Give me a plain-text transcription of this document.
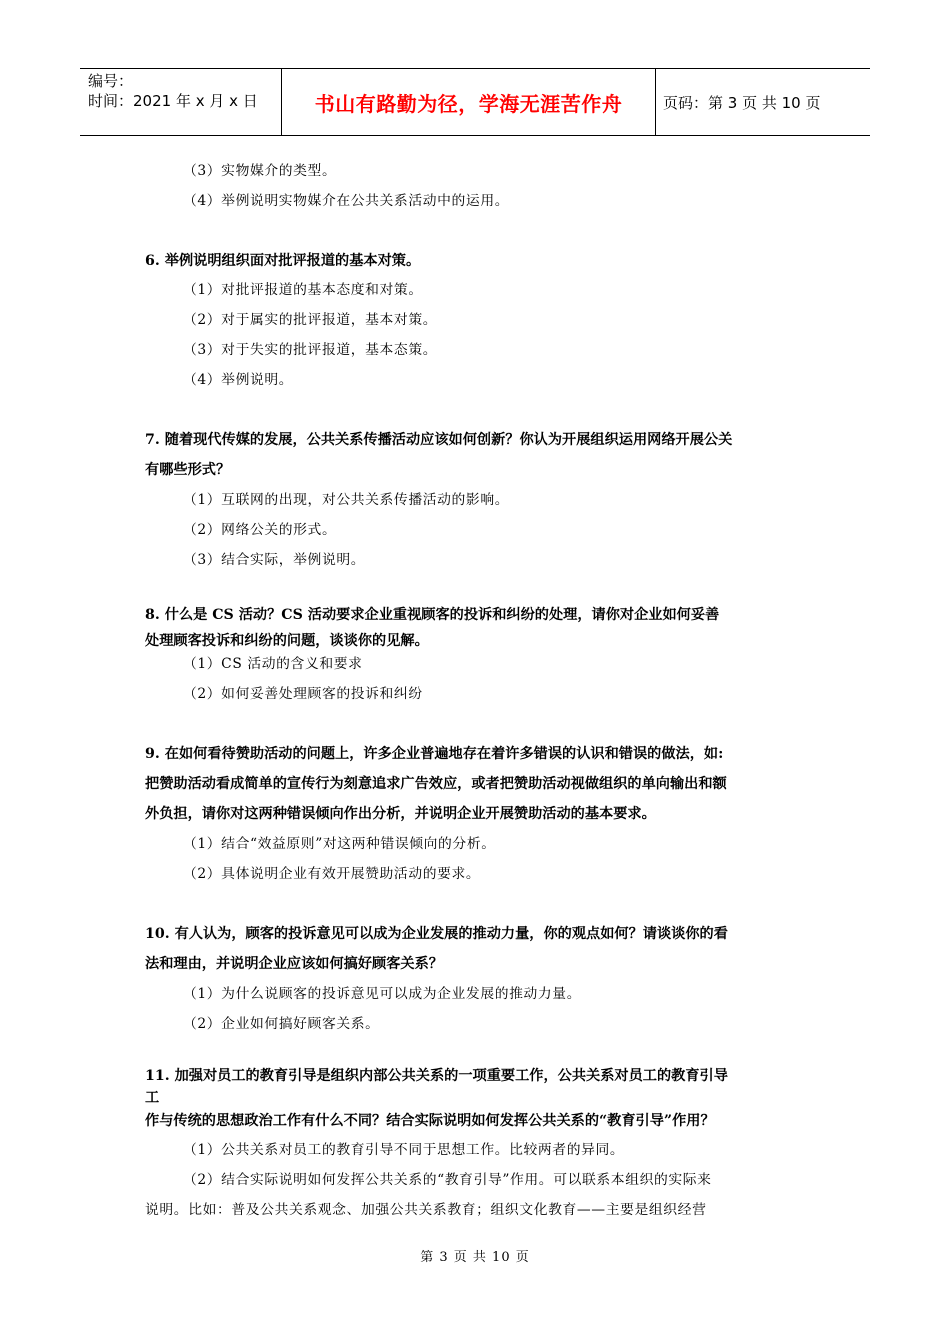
编号：
时间：2021 年 x 月 x 日	书山有路勤为径，学海无涯苦作舟	页码：第 3 页 共 10 页
（3）实物媒介的类型。
（4）举例说明实物媒介在公共关系活动中的运用。
6. 举例说明组织面对批评报道的基本对策。
（1）对批评报道的基本态度和对策。
（2）对于属实的批评报道，基本对策。
（3）对于失实的批评报道，基本态策。
（4）举例说明。
7. 随着现代传媒的发展，公共关系传播活动应该如何创新？你认为开展组织运用网络开展公关
有哪些形式？
（1）互联网的出现，对公共关系传播活动的影响。
（2）网络公关的形式。
（3）结合实际，举例说明。
8. 什么是 CS 活动？CS 活动要求企业重视顾客的投诉和纠纷的处理，请你对企业如何妥善
处理顾客投诉和纠纷的问题，谈谈你的见解。
（1）CS 活动的含义和要求
（2）如何妥善处理顾客的投诉和纠纷
9. 在如何看待赞助活动的问题上，许多企业普遍地存在着许多错误的认识和错误的做法，如:
把赞助活动看成简单的宣传行为刻意追求广告效应，或者把赞助活动视做组织的单向输出和额
外负担，请你对这两种错误倾向作出分析，并说明企业开展赞助活动的基本要求。
（1）结合“效益原则”对这两种错误倾向的分析。
（2）具体说明企业有效开展赞助活动的要求。
10. 有人认为，顾客的投诉意见可以成为企业发展的推动力量，你的观点如何？请谈谈你的看
法和理由，并说明企业应该如何搞好顾客关系？
（1）为什么说顾客的投诉意见可以成为企业发展的推动力量。
（2）企业如何搞好顾客关系。
11. 加强对员工的教育引导是组织内部公共关系的一项重要工作，公共关系对员工的教育引导
工
作与传统的思想政治工作有什么不同？结合实际说明如何发挥公共关系的“教育引导”作用？
（1）公共关系对员工的教育引导不同于思想工作。比较两者的异同。
（2）结合实际说明如何发挥公共关系的“教育引导”作用。可以联系本组织的实际来
说明。比如：普及公共关系观念、加强公共关系教育；组织文化教育——主要是组织经营
第 3 页 共 10 页
